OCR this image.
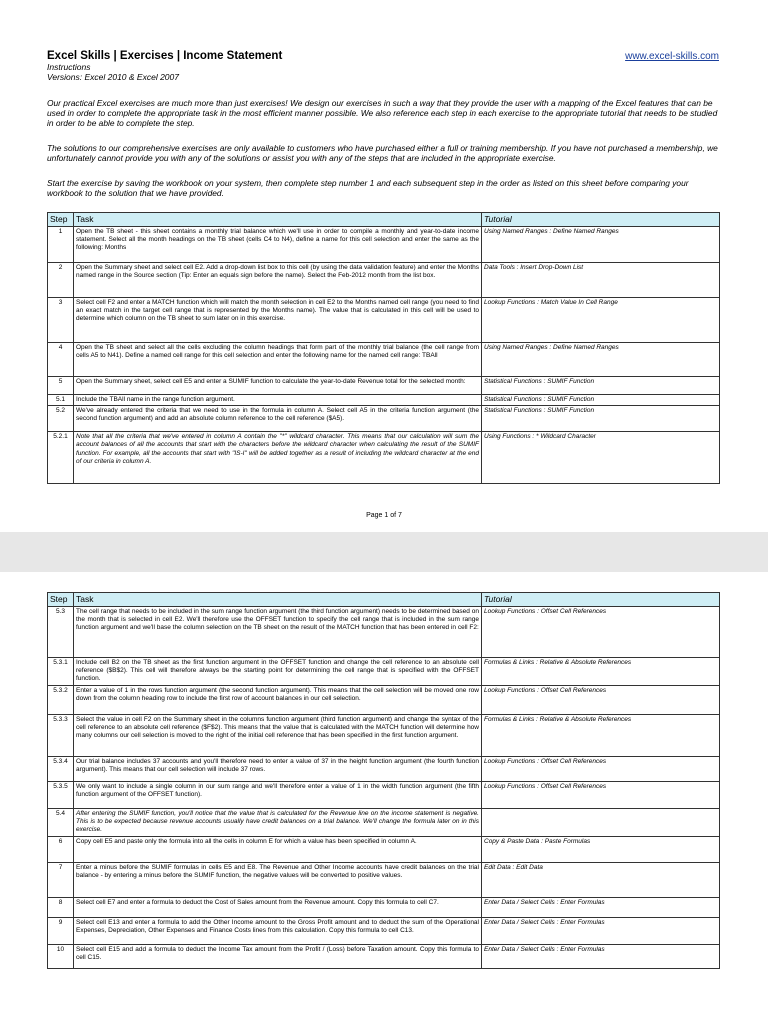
Excel Skills | Exercises | Income Statement	www.excel-skills.com
Instructions
Versions: Excel 2010 & Excel 2007

Our practical Excel exercises are much more than just exercises! We design our exercises in such a way that they provide the user with a mapping of the Excel features that can be used in order to complete the appropriate task in the most efficient manner possible. We also reference each step in each exercise to the appropriate tutorial that needs to be studied in order to be able to complete the step.

The solutions to our comprehensive exercises are only available to customers who have purchased either a full or training membership. If you have not purchased a membership, we unfortunately cannot provide you with any of the solutions or assist you with any of the steps that are included in the appropriate exercise.

Start the exercise by saving the workbook on your system, then complete step number 1 and each subsequent step in the order as listed on this sheet before comparing your workbook to the solution that we have provided.

Step	Task	Tutorial
1	Open the TB sheet - this sheet contains a monthly trial balance which we'll use in order to compile a monthly and year-to-date income statement. Select all the month headings on the TB sheet (cells C4 to N4), define a name for this cell selection and enter the same as the following: Months	Using Named Ranges : Define Named Ranges
2	Open the Summary sheet and select cell E2. Add a drop-down list box to this cell (by using the data validation feature) and enter the Months named range in the Source section (Tip: Enter an equals sign before the name). Select the Feb-2012 month from the list box.	Data Tools : Insert Drop-Down List
3	Select cell F2 and enter a MATCH function which will match the month selection in cell E2 to the Months named cell range (you need to find an exact match in the target cell range that is represented by the Months name). The value that is calculated in this cell will be used to determine which column on the TB sheet to sum later on in this exercise.	Lookup Functions : Match Value In Cell Range
4	Open the TB sheet and select all the cells excluding the column headings that form part of the monthly trial balance (the cell range from cells A5 to N41). Define a named cell range for this cell selection and enter the following name for the named cell range: TBAll	Using Named Ranges : Define Named Ranges
5	Open the Summary sheet, select cell E5 and enter a SUMIF function to calculate the year-to-date Revenue total for the selected month:	Statistical Functions : SUMIF Function
5.1	Include the TBAll name in the range function argument.	Statistical Functions : SUMIF Function
5.2	We've already entered the criteria that we need to use in the formula in column A. Select cell A5 in the criteria function argument (the second function argument) and add an absolute column reference to the cell reference ($A5).	Statistical Functions : SUMIF Function
5.2.1	Note that all the criteria that we've entered in column A contain the "*" wildcard character. This means that our calculation will sum the account balances of all the accounts that start with the characters before the wildcard character when calculating the result of the SUMIF function. For example, all the accounts that start with "IS-I" will be added together as a result of including the wildcard character at the end of our criteria in column A.	Using Functions : * Wildcard Character
Page 1 of 7
Step	Task	Tutorial
5.3	The cell range that needs to be included in the sum range function argument (the third function argument) needs to be determined based on the month that is selected in cell E2. We'll therefore use the OFFSET function to specify the cell range that is included in the sum range function argument and we'll base the column selection on the TB sheet on the result of the MATCH function that has been entered in cell F2:	Lookup Functions : Offset Cell References
5.3.1	Include cell B2 on the TB sheet as the first function argument in the OFFSET function and change the cell reference to an absolute cell reference ($B$2). This cell will therefore always be the starting point for determining the cell range that is specified with the OFFSET function.	Formulas & Links : Relative & Absolute References
5.3.2	Enter a value of 1 in the rows function argument (the second function argument). This means that the cell selection will be moved one row down from the column heading row to include the first row of account balances in our cell selection.	Lookup Functions : Offset Cell References
5.3.3	Select the value in cell F2 on the Summary sheet in the columns function argument (third function argument) and change the syntax of the cell reference to an absolute cell reference ($F$2). This means that the value that is calculated with the MATCH function will determine how many columns our cell selection is moved to the right of the initial cell reference that has been specified in the first function argument.	Formulas & Links : Relative & Absolute References
5.3.4	Our trial balance includes 37 accounts and you'll therefore need to enter a value of 37 in the height function argument (the fourth function argument). This means that our cell selection will include 37 rows.	Lookup Functions : Offset Cell References
5.3.5	We only want to include a single column in our sum range and we'll therefore enter a value of 1 in the width function argument (the fifth function argument of the OFFSET function).	Lookup Functions : Offset Cell References
5.4	After entering the SUMIF function, you'll notice that the value that is calculated for the Revenue line on the income statement is negative. This is to be expected because revenue accounts usually have credit balances on a trial balance. We'll change the formula later on in this exercise.	
6	Copy cell E5 and paste only the formula into all the cells in column E for which a value has been specified in column A.	Copy & Paste Data : Paste Formulas
7	Enter a minus before the SUMIF formulas in cells E5 and E8. The Revenue and Other Income accounts have credit balances on the trial balance - by entering a minus before the SUMIF function, the negative values will be converted to positive values.	Edit Data : Edit Data
8	Select cell E7 and enter a formula to deduct the Cost of Sales amount from the Revenue amount. Copy this formula to cell C7.	Enter Data / Select Cells : Enter Formulas
9	Select cell E13 and enter a formula to add the Other Income amount to the Gross Profit amount and to deduct the sum of the Operational Expenses, Depreciation, Other Expenses and Finance Costs lines from this calculation. Copy this formula to cell C13.	Enter Data / Select Cells : Enter Formulas
10	Select cell E15 and add a formula to deduct the Income Tax amount from the Profit / (Loss) before Taxation amount. Copy this formula to cell C15.	Enter Data / Select Cells : Enter Formulas
